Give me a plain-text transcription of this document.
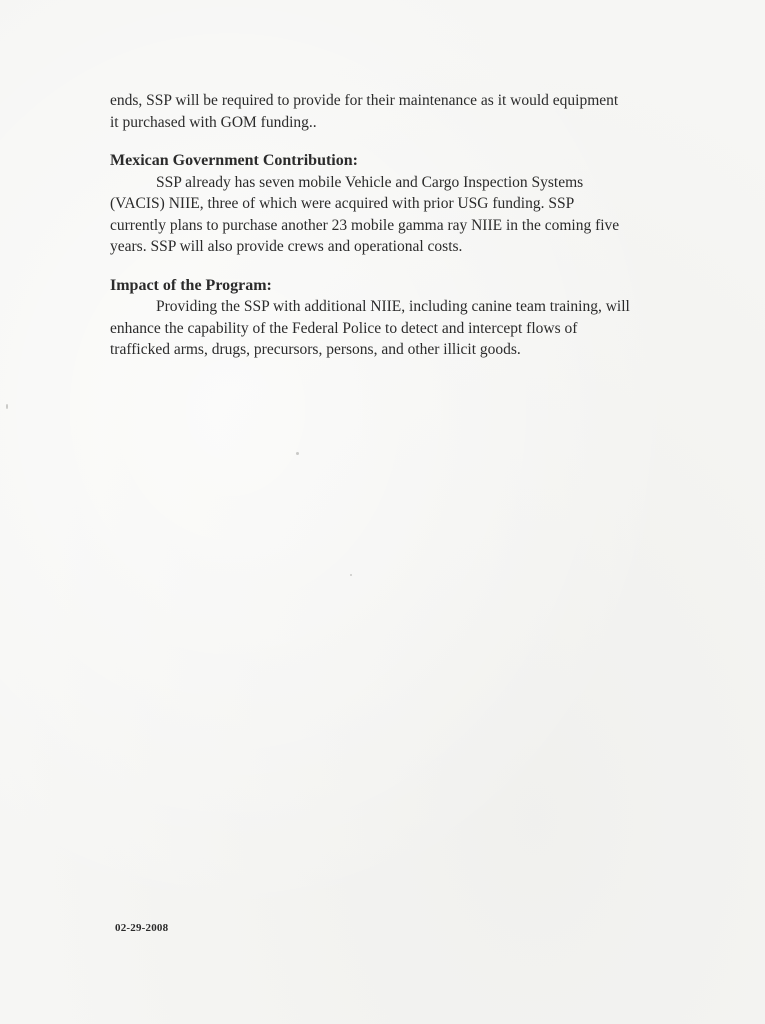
ends, SSP will be required to provide for their maintenance as it would equipment
it purchased with GOM funding..

Mexican Government Contribution:

SSP already has seven mobile Vehicle and Cargo Inspection Systems
(VACIS) NIIE, three of which were acquired with prior USG funding. SSP
currently plans to purchase another 23 mobile gamma ray NIIE in the coming five
years. SSP will also provide crews and operational costs.

Impact of the Program:

Providing the SSP with additional NIIE, including canine team training, will
enhance the capability of the Federal Police to detect and intercept flows of
trafficked arms, drugs, precursors, persons, and other illicit goods.

02-29-2008
